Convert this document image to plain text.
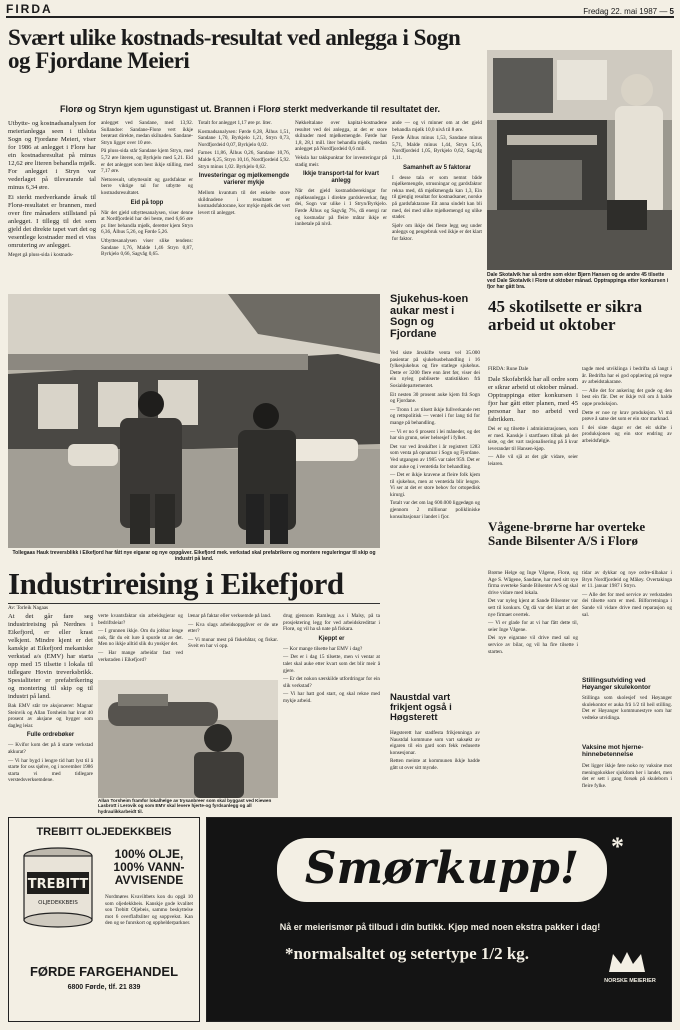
FIRDA	Fredag 22. mai 1987 — 5
Svært ulike kostnads-resultat ved anlegga i Sogn og Fjordane Meieri
Florø og Stryn kjem ugunstigast ut. Brannen i Florø sterkt medverkande til resultatet der.

Utbytte- og kostnadsanalysen for meierianlegga seen i tilsluta Sogn og Fjordane Meieri, viser for 1986 at anlegget i Florø har ein kostnadsresultat på minus 12,62 øre literen behandla mjølk. For anlegget i Stryn var vederlaget på tilsvarande tal minus 6,34 øre.

Ei sterkt medverkande årsak til Florø-resultatet er brannen, med over fire månaders stillstand på anlegget. I tillegg til det som gjeld det direkte tapet vart det og vesentlege kostnader med ei viss omrutering av anlegget.

Meget gå pluss-sida i kostnads-

anlegget ved Sandane, med 13,92. Sullandoe: Sandane-Florø vert ikkje berørast direkte, medan skilnaden. Sandane-Stryn ligger over 10 øre.

På pluss-sida står Sandane kjem Stryn, med 5,72 øre literen, og Byrkjelo med 5,21. Eid er det anlegget som best ikkje stilling, med 7,17 øre.

Nettoresult, utbyttesnitt og gardsfaktar er berre viktige tal for utbytte og kostnadsresultatet.

Eid på topp

Når det gjeld utbyttesanalysen, viser denne at Nordfjordeid har dei beste, med 6,66 øre pr. liter behandla mjølk, deretter kjem Stryn 6,36, Ålhus 5,26, og Førde 5,26.

Utbyttesanalysen viser slike tendens: Sandane 1,76, Malde 1,46 Stryn 0,87, Byrkjelo 0,66, Sagvåg 0,65.

Totalt for anlegget 1,17 øre pr. liter.

Kostnadsanalysen: Førde 6,28, Ålhus 1,51, Sandane 1,70, Byrkjelo 1,21, Stryn 0,73, Nordfjordeid 0,07, Byrkjelo 0,02.

Farnes 11,86, Ålhus 0,26, Sandane 10,76, Malde 6,25, Stryn 10,16, Nordfjordeid 5,92. Stryn minus 1,02. Byrkjelo 0,62.

Investeringar og mjølkemengde varierer mykje

Mellom kvantum til det enkelte store skildnadene i resultatet er kostnadsfaktorane, kor mykje mjølk det vert levert til anlegget.

Nøkkeltalane over kapital-kostnadene resultet ved dei anlegga, at det er store skilnader med mjølkemengde. Førde har 1,8, 28,1 mill. liter behandla mjølk, medan anlegget på Nordfjordeid 0,6 mill.

Veksla har takkpunktar for investeringar på stadig meir.

Ikkje transport-tal for kvart anlegg

Når det gjeld kostnadsberekingar for mjølkeanlegga i direkte gardsleverkar, føg dei, Sogn var ulike i 1 Stryn/Byrkjelo. Førde Ålhus og Sagvåg 7%, då energi rar og kostnadar på fleire måtar ikkje er innbetale på nivå.

ande — og vi minner om at det gjeld behandla mjølk 10,0 nivå til 8 øre.

Førde Ålhus minus 1,53, Sandane minus 5,71, Malde minus 1,44, Stryn 5,16, Nordfjordeid 1,05, Byrkjelo 0,62, Sagvåg 1,11.

Samanheft av 5 faktorar

I desse tala er som nemnt både mjølkemengde, utrusningar og gardsfaktor rekna med, då mjølkmengda kan 1,3, Ein til gjengig resultat for kostnadsaner, norske på gardsfaktarane Eit anna sindelt kan bli med, dei med ulike mjølkemengd og ulike stader.

Sjølv om ikkje dei fleste legg seg under anleggs og pengebruk ved ikkje er det klart for faktor.

Dale Skotalvik har så ordre som ekter Bjørn Hansen og de andre 45 tilsette ved Dale Skotalvik i Florø ut oktober månad. Opptrappinga etter konkursen i fjor har gått bra.
Tollegaas Hauk treversblikk i Eikefjord har fått nye eigarar og nye oppgåver. Eikefjord mek. verkstad skal prefabrikere og montere reguleringar til skip og industri på land.
Industrireising i Eikefjord
Av: Torleik Nagaas

At det går fare seg industrireising på Nerdnes i Eikefjord, er eller krast velkjent. Mindre kjent er det kanskje at Eikefjord mekaniske verkstad a/s (EMV) har starta opp med 15 tilsette i lokala til tidlegare Hovin treverksbrikk. Spesialiteter er prefabrikering og montering til skip og til industri på land.

Bak EMV står tre aksjonærer: Magnar Steinvik og Allan Torsheim har kvar 40 prosent av aksjane og bygger som dagleg leiar.

Fulle ordrebøker

— Kvifor kom det på å starte verkstad akkurat?

— Vi har bygd i lengre tid hatt lyst til å starte for oss sjølve, og i november 1986 starta vi med tidlegare verstedsverksemdene.

verte kvantsfaktar sin arbeidsgjerar og bedriftsleiar?

— I grunnen ikkje. Om du jobbar lenge nok, får du eit lure å spurde ut av det. Men no ikkje alltid slik du ynskjer det.

— Har mange arbeidar fast ved verkstaden i Eikefjord?

lænar på faktar eller verksemde på land.

— Kva slags arbeidsoppgåver er de ute etter?

— Vi munar mest på fiskebåtar, og fiskar. Sveit en har vi opp.

drug gjennom Ramlegg a.s i Malsy, på ta prosjektering legg for ved arbeidskredittar i Florø, og vil ha så nate på fiskara.

Kjeppt er

— Kor mange tilsette har EMV i dag?

— Det er i dag 15 tilsette, men vi ventar at talet skal auke etter kvart som det blir meir å gjere.

— Er det nokon særskilde utfordringar for ein slik verkstad?

— Vi har hatt god start, og skal rekne med mykje arbeid.

Allan Torsheim framfor lokalhelge av trysanbreer som skal byggast ved Kiewen Lasbrott i Lerovik og som EMV skal levere hjerte-og fyrdsanlegg og all hydraulikkarbeidt til.
Sjukehus-koen aukar mest i Sogn og Fjordane

Ved siste årsskifte venta vel 35.000 pasientar på sjukehusbehandling i 16 fylkesjukehus og fire statlege sjukehus. Dette er 3200 flere enn året før, viser dei ein nyleg publiserte statistikken frå Sosialdepartementet.

Eit nesten 30 prosent auke kjem frå Sogn og Fjordane.

— Tronn 1 av tilsett ikkje fullverkande rett og rettspolitisk — ventel i for lang tid for mange på behandling.

— Vi er no 6 prosent i lei måneder, og det har sin grunn, seier helsesjef i fylket.

Det var ved årsskiftet i år registrert 1283 som venta på opnamar i Sogn og Fjordane. Ved utgangen av 1985 var talet 959. Det er stor auke og i ventetida for behandling.

— Det er ikkje kravene at fleire folk kjem til sjukehus, men at ventetida blir lengre. Vi ser at det er store behov for ortopedisk kirurgi.

Totalt var det om lag 600.000 liggedøgn og gjennom 2 millionar polikliniske konsultasjonar i landet i fjor.

Naustdal vart frikjent også i Høgsterett

Høgsterett har stadfesta frikjenninga av Naustdal kommune som vart saksøkt av eigaren til ein gard som fekk reduserte konsesjonar.

Retten meinte at kommunen ikkje hadde gått ut over sitt mynde.

45 skotilsette er sikra arbeid ut oktober
FIRDA: Rune Dale

Dale Skofabrikk har all ordre som er sikrar arbeid ut oktober månad. Opptrappinga etter konkursen i fjor har gått etter planen, med 45 personar har no arbeid ved fabrikken.

Dei er og tilsette i administrasjonen, som er med. Kanskje i startfasen tilbak på det siste, og det vart rasjonalisering på å kvar leverandør til Hansen-kjøp.

— Alle vil sjå at det går vidare, seier leiaren.

tagde med utviklinga i bedrifta så langt i år. Bedrifta har ei god opplæring på vegne av arbeidstakarane.

— Alle det for ankering det gode og den best ein får. Det er ikkje tvil om å halde oppe produksjon.

Dette er noe ny krav produksjon. Vi må prøve å satse det som er ein stor marknad.

I dei siste dagar er det eit skifte i produksjonen og ein stor endring av arbeidsfølgje.

Vågene-brørne har overteke Sande Bilsenter A/S i Florø

Brørne Helge og Inge Vågene, Florø, og Age S. Wågene, Sandane, har med sitt nye firma overteke Sande Bilsenter A/S og skal drive vidare med lokala.

Det var nyleg kjent at Sande Bilsenter var sett til konkurs. Og då var det klart at det nye firmaet overtek.

— Vi er glade for at vi har fått dette til, seier Inge Vågene.

Dei nye eigarane vil drive med sal og service av bilar, og vil ha fire tilsette i starten.

tidar av dykkar og nye ordre-tilbakar i Bryn Nordfjordeid og Måløy. Overtakinga er 11. januar 1987 i Stryn.

— Alle det for med service av verkstaden dei tilsette som er med. Bilforretninga i Sande vil vidare drive med reparasjon og sal.

Stillingsutviding ved Høyanger skulekontor

Stillinga som skolesjef ved Høyanger skulekontor er auka frå 1/2 til heil stilling. Det er Høyanger kommunestyre som har vedteke utvidinga.

Vaksine mot hjerne-hinnebetennelse

Det ligger ikkje føre noko ny vaksine mot meningokokker sjukdom her i landet, men det er sett i gang forsøk på skuleborn i fleire fylke.

TREBITT OLJEDEKKBEIS
TREBITT
OLJEDEKKBEIS
100% OLJE,
100% VANN-
AVVISENDE
Nordmøres Kvaviltbets kon du opgå 10 som oljedekkbeis. Kanskje gode kvalitet son Trebitt Oljebeis, sammo beskyttelse mot 6 overflaftsliter og soppvekst. Kan den og se funrskort og opphelderparkner.
FØRDE FARGEHANDEL
6800 Førde, tlf. 21 839
Smørkupp!	*
Nå er meierismør på tilbud i din butikk. Kjøp med noen ekstra pakker i dag!
*normalsaltet og setertype 1/2 kg.
NORSKE MEIERIER
